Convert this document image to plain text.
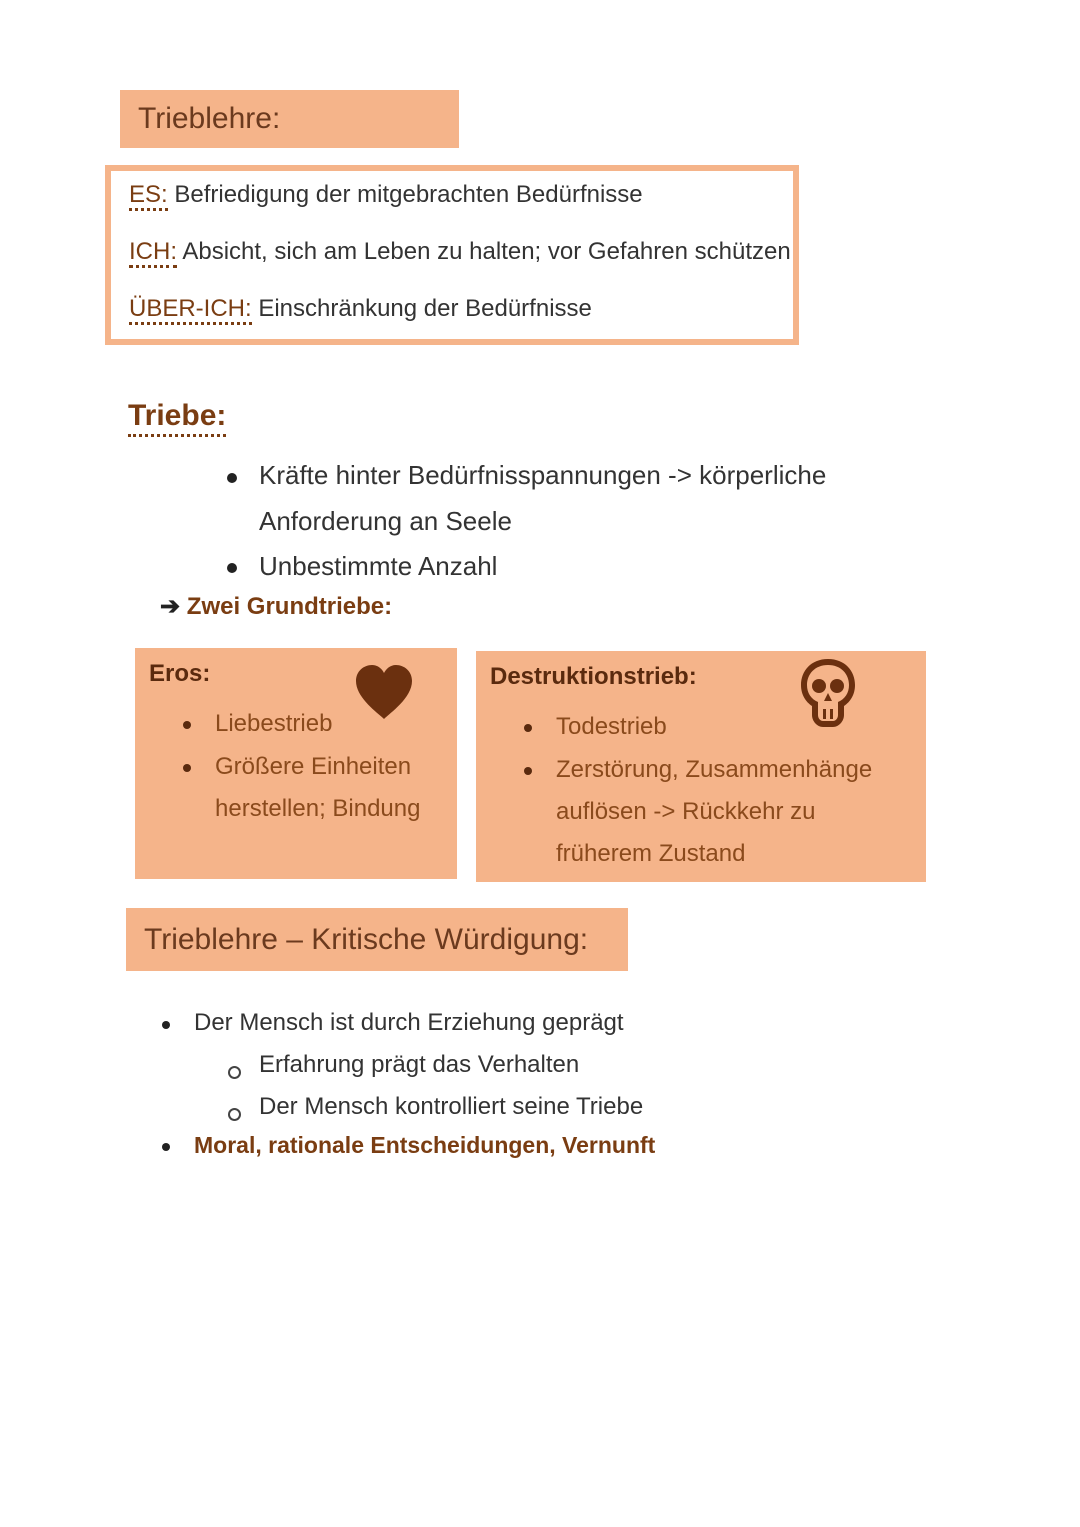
Trieblehre:
ES: Befriedigung der mitgebrachten Bedürfnisse
ICH: Absicht, sich am Leben zu halten; vor Gefahren schützen
ÜBER-ICH: Einschränkung der Bedürfnisse
Triebe:
Kräfte hinter Bedürfnisspannungen -> körperliche
Anforderung an Seele
Unbestimmte Anzahl
➔ Zwei Grundtriebe:
Eros:
Liebestrieb
Größere Einheiten
herstellen; Bindung
Destruktionstrieb:
Todestrieb
Zerstörung, Zusammenhänge
auflösen -> Rückkehr zu
früherem Zustand
Trieblehre – Kritische Würdigung:
Der Mensch ist durch Erziehung geprägt
Erfahrung prägt das Verhalten
Der Mensch kontrolliert seine Triebe
Moral, rationale Entscheidungen, Vernunft
